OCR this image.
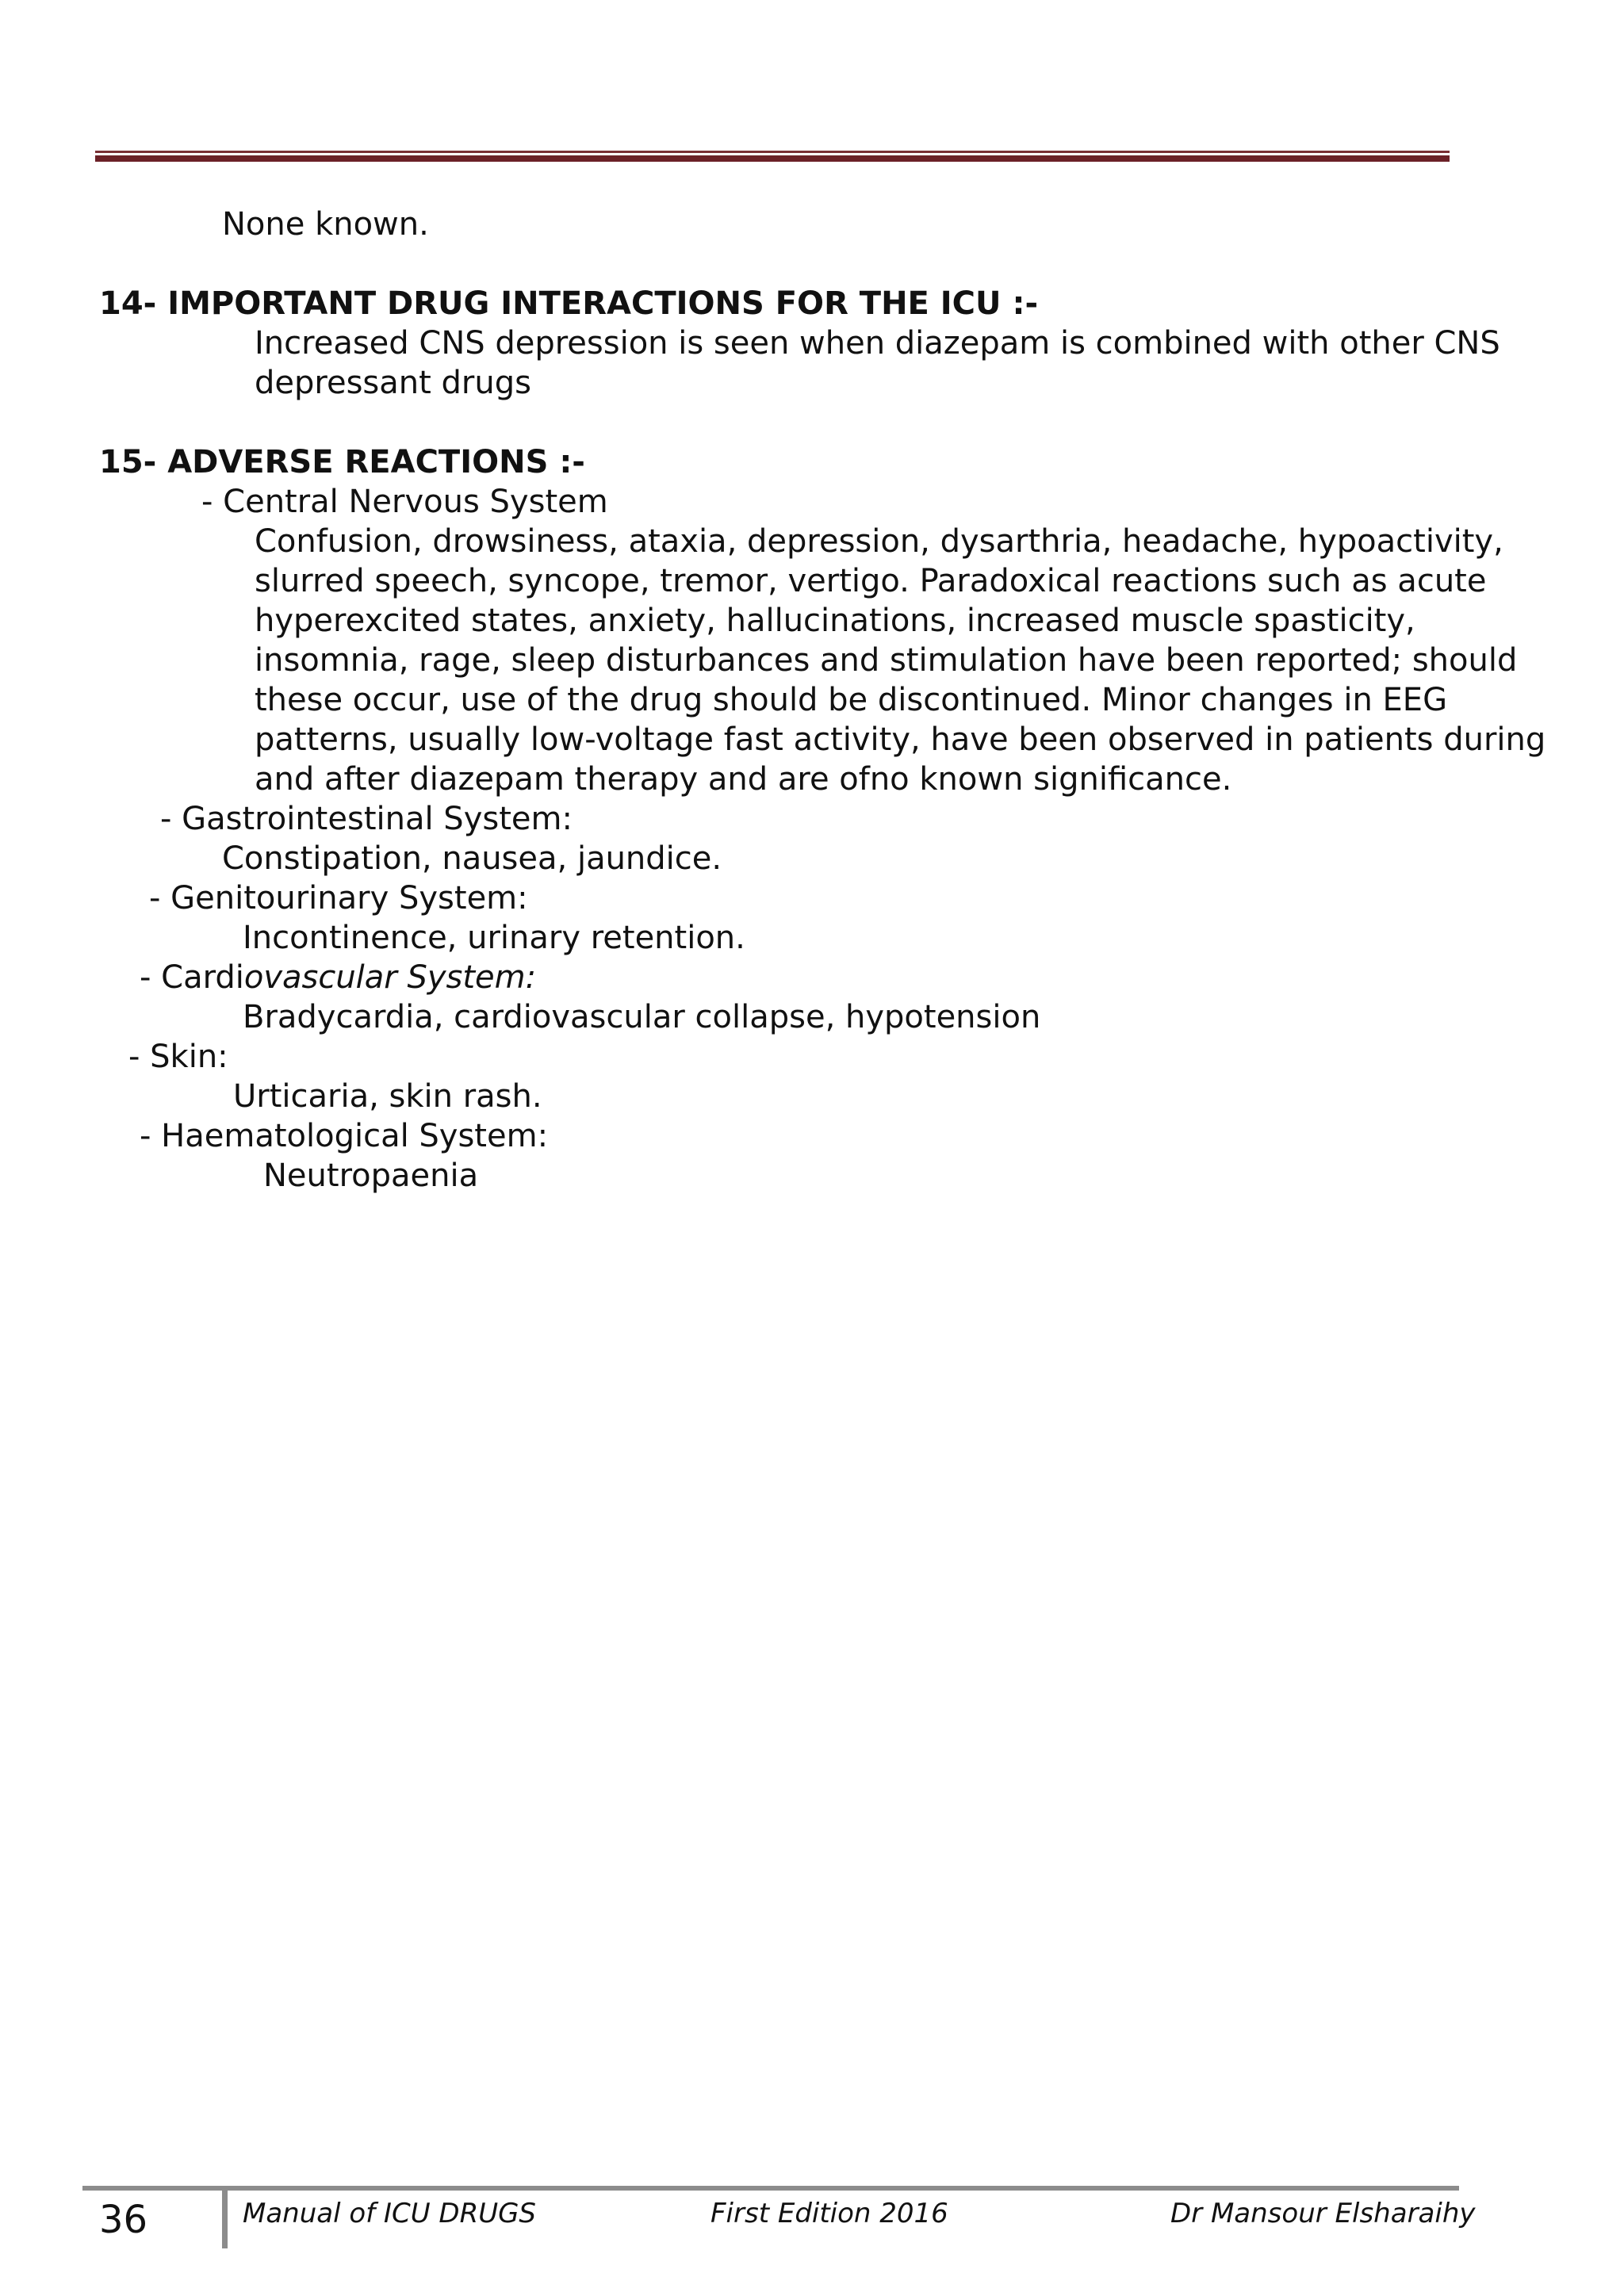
None known.
14- IMPORTANT DRUG INTERACTIONS FOR THE ICU :-
Increased CNS depression is seen when diazepam is combined with other CNS
depressant drugs
15- ADVERSE REACTIONS :-
- Central Nervous System
Confusion, drowsiness, ataxia, depression, dysarthria, headache, hypoactivity,
slurred speech, syncope, tremor, vertigo. Paradoxical reactions such as acute
hyperexcited states, anxiety, hallucinations, increased muscle spasticity,
insomnia, rage, sleep disturbances and stimulation have been reported; should
these occur, use of the drug should be discontinued. Minor changes in EEG
patterns, usually low-voltage fast activity, have been observed in patients during
and after diazepam therapy and are ofno known significance.
- Gastrointestinal System:
Constipation, nausea, jaundice.
- Genitourinary System:
Incontinence, urinary retention.
- Cardiovascular System:
Bradycardia, cardiovascular collapse, hypotension
- Skin:
Urticaria, skin rash.
- Haematological System:
Neutropaenia
36	Manual of ICU DRUGS	First Edition 2016	Dr Mansour Elsharaihy
